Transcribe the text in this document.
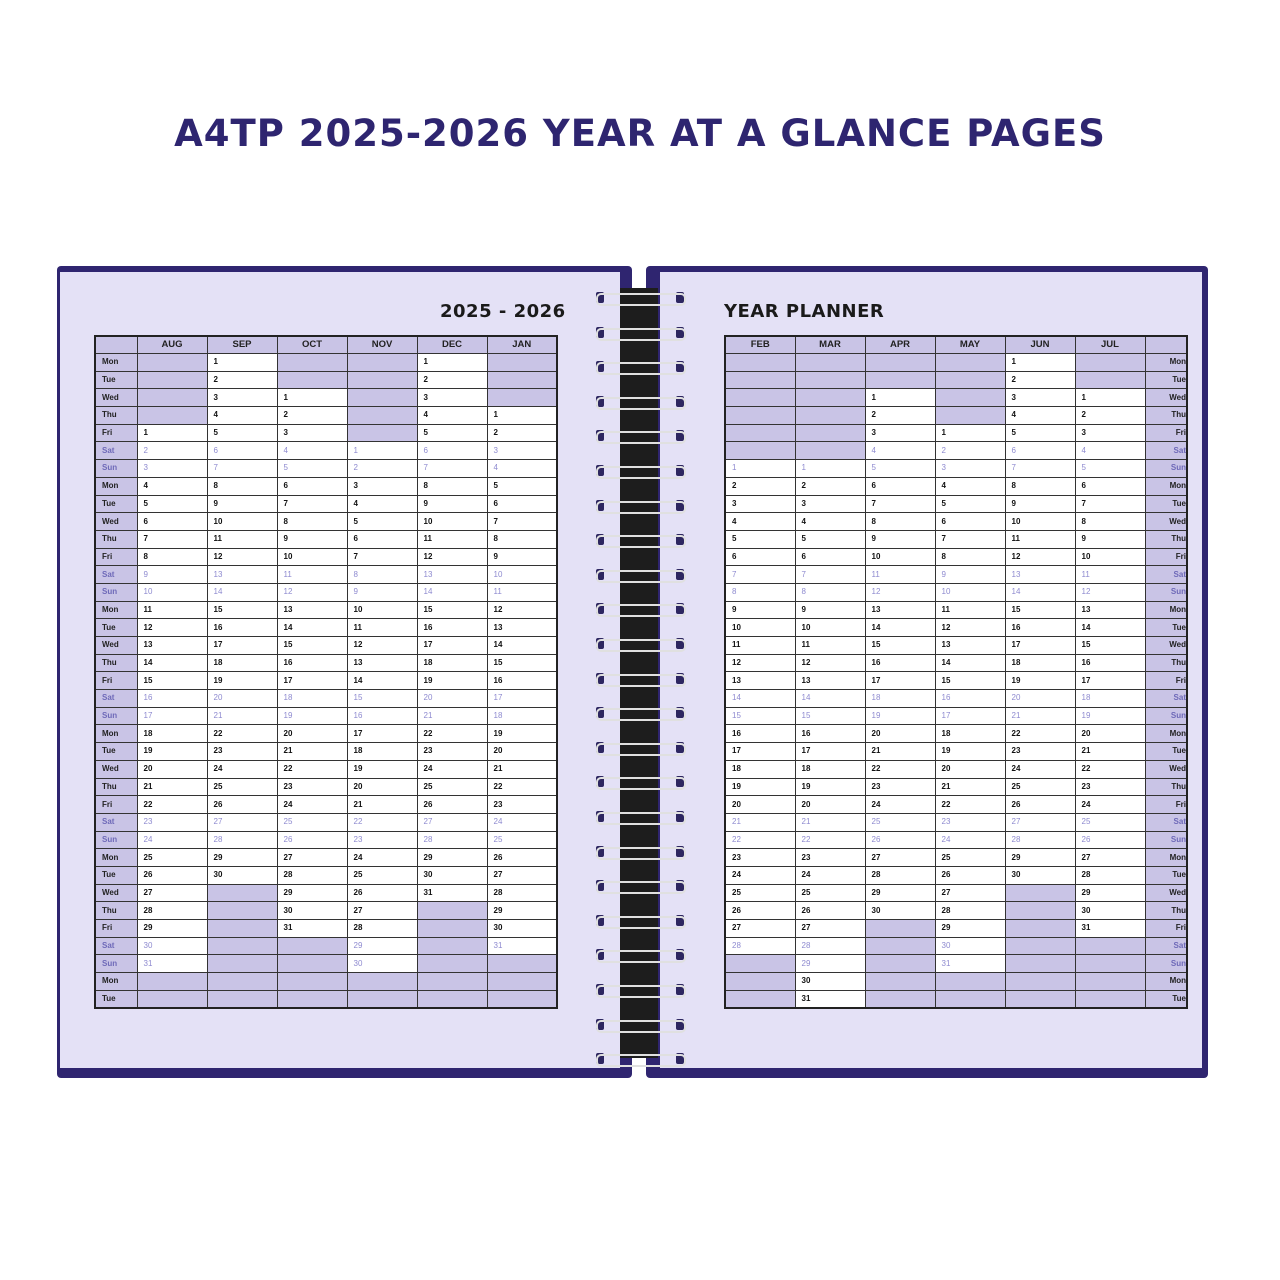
A4TP 2025-2026 YEAR AT A GLANCE PAGES
2025 - 2026	YEAR PLANNER
	AUG	SEP	OCT	NOV	DEC	JAN
Mon		1			1	
Tue		2			2	
Wed		3	1		3	
Thu		4	2		4	1
Fri	1	5	3		5	2
Sat	2	6	4	1	6	3
Sun	3	7	5	2	7	4
Mon	4	8	6	3	8	5
Tue	5	9	7	4	9	6
Wed	6	10	8	5	10	7
Thu	7	11	9	6	11	8
Fri	8	12	10	7	12	9
Sat	9	13	11	8	13	10
Sun	10	14	12	9	14	11
Mon	11	15	13	10	15	12
Tue	12	16	14	11	16	13
Wed	13	17	15	12	17	14
Thu	14	18	16	13	18	15
Fri	15	19	17	14	19	16
Sat	16	20	18	15	20	17
Sun	17	21	19	16	21	18
Mon	18	22	20	17	22	19
Tue	19	23	21	18	23	20
Wed	20	24	22	19	24	21
Thu	21	25	23	20	25	22
Fri	22	26	24	21	26	23
Sat	23	27	25	22	27	24
Sun	24	28	26	23	28	25
Mon	25	29	27	24	29	26
Tue	26	30	28	25	30	27
Wed	27		29	26	31	28
Thu	28		30	27		29
Fri	29		31	28		30
Sat	30			29		31
Sun	31			30		
Mon						
Tue						
FEB	MAR	APR	MAY	JUN	JUL	
				1		Mon
				2		Tue
		1		3	1	Wed
		2		4	2	Thu
		3	1	5	3	Fri
		4	2	6	4	Sat
1	1	5	3	7	5	Sun
2	2	6	4	8	6	Mon
3	3	7	5	9	7	Tue
4	4	8	6	10	8	Wed
5	5	9	7	11	9	Thu
6	6	10	8	12	10	Fri
7	7	11	9	13	11	Sat
8	8	12	10	14	12	Sun
9	9	13	11	15	13	Mon
10	10	14	12	16	14	Tue
11	11	15	13	17	15	Wed
12	12	16	14	18	16	Thu
13	13	17	15	19	17	Fri
14	14	18	16	20	18	Sat
15	15	19	17	21	19	Sun
16	16	20	18	22	20	Mon
17	17	21	19	23	21	Tue
18	18	22	20	24	22	Wed
19	19	23	21	25	23	Thu
20	20	24	22	26	24	Fri
21	21	25	23	27	25	Sat
22	22	26	24	28	26	Sun
23	23	27	25	29	27	Mon
24	24	28	26	30	28	Tue
25	25	29	27		29	Wed
26	26	30	28		30	Thu
27	27		29		31	Fri
28	28		30			Sat
	29		31			Sun
	30					Mon
	31					Tue
